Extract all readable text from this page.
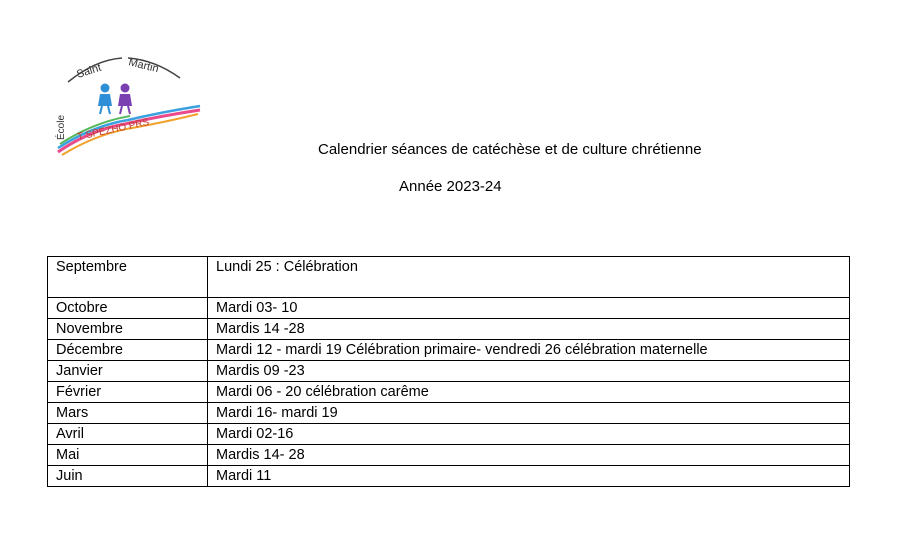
Saint Martin
École T SPEZHO PRS
Calendrier séances de catéchèse et de culture chrétienne
Année 2023-24
Septembre	Lundi 25 : Célébration
Octobre	Mardi 03- 10
Novembre	Mardis 14 -28
Décembre	Mardi 12 - mardi 19 Célébration primaire- vendredi 26 célébration maternelle
Janvier	Mardis 09 -23
Février	Mardi 06 - 20 célébration carême
Mars	Mardi 16- mardi 19
Avril	Mardi 02-16
Mai	Mardis 14- 28
Juin	Mardi 11
